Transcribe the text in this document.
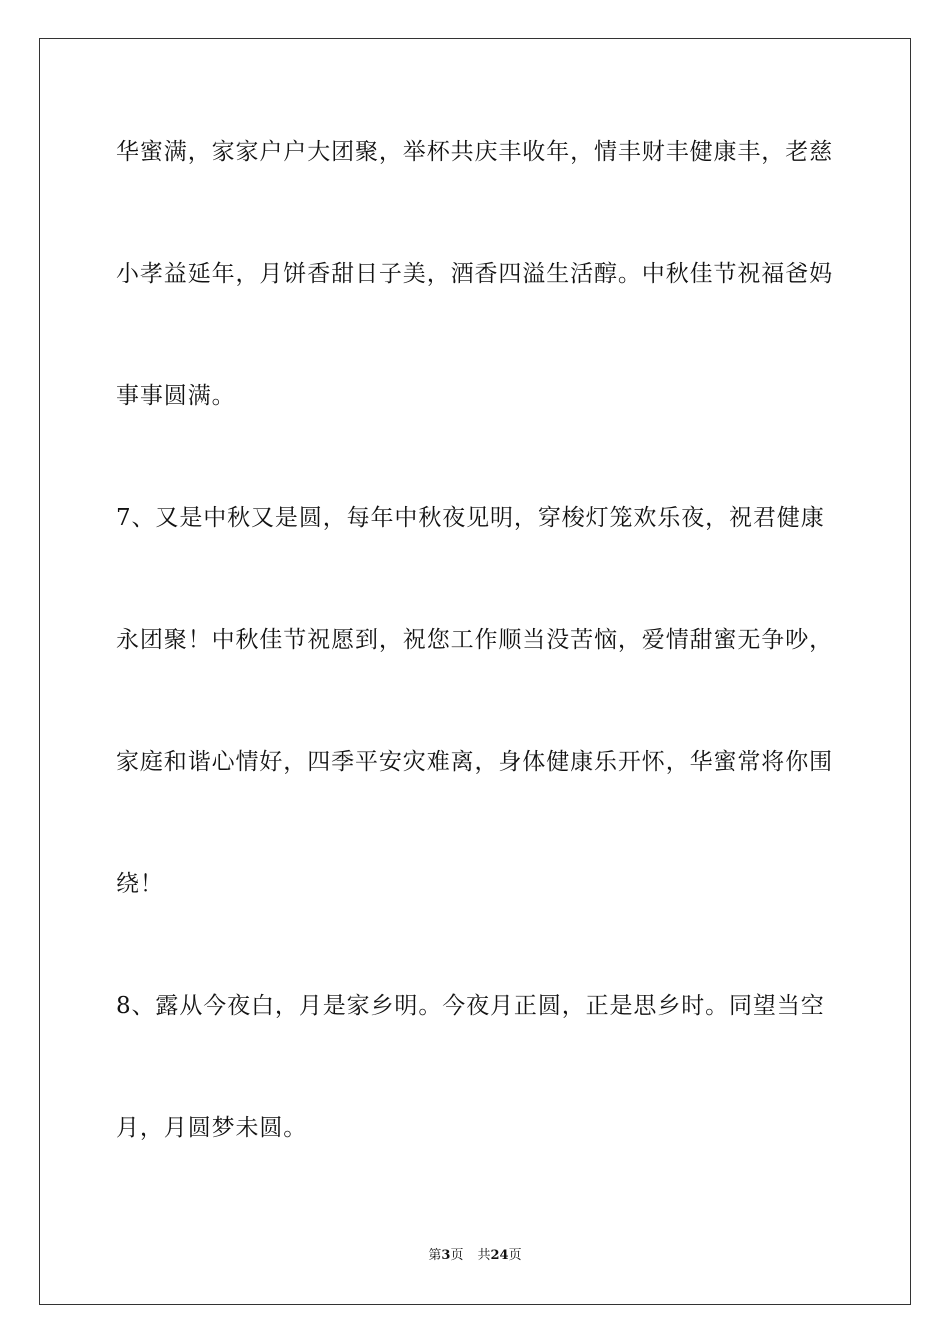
华蜜满，家家户户大团聚，举杯共庆丰收年，情丰财丰健康丰，老慈
小孝益延年，月饼香甜日子美，酒香四溢生活醇。中秋佳节祝福爸妈
事事圆满。
7、又是中秋又是圆，每年中秋夜见明，穿梭灯笼欢乐夜，祝君健康
永团聚！中秋佳节祝愿到，祝您工作顺当没苦恼，爱情甜蜜无争吵，
家庭和谐心情好，四季平安灾难离，身体健康乐开怀，华蜜常将你围
绕！
8、露从今夜白，月是家乡明。今夜月正圆，正是思乡时。同望当空
月，月圆梦未圆。
第3页 共24页
